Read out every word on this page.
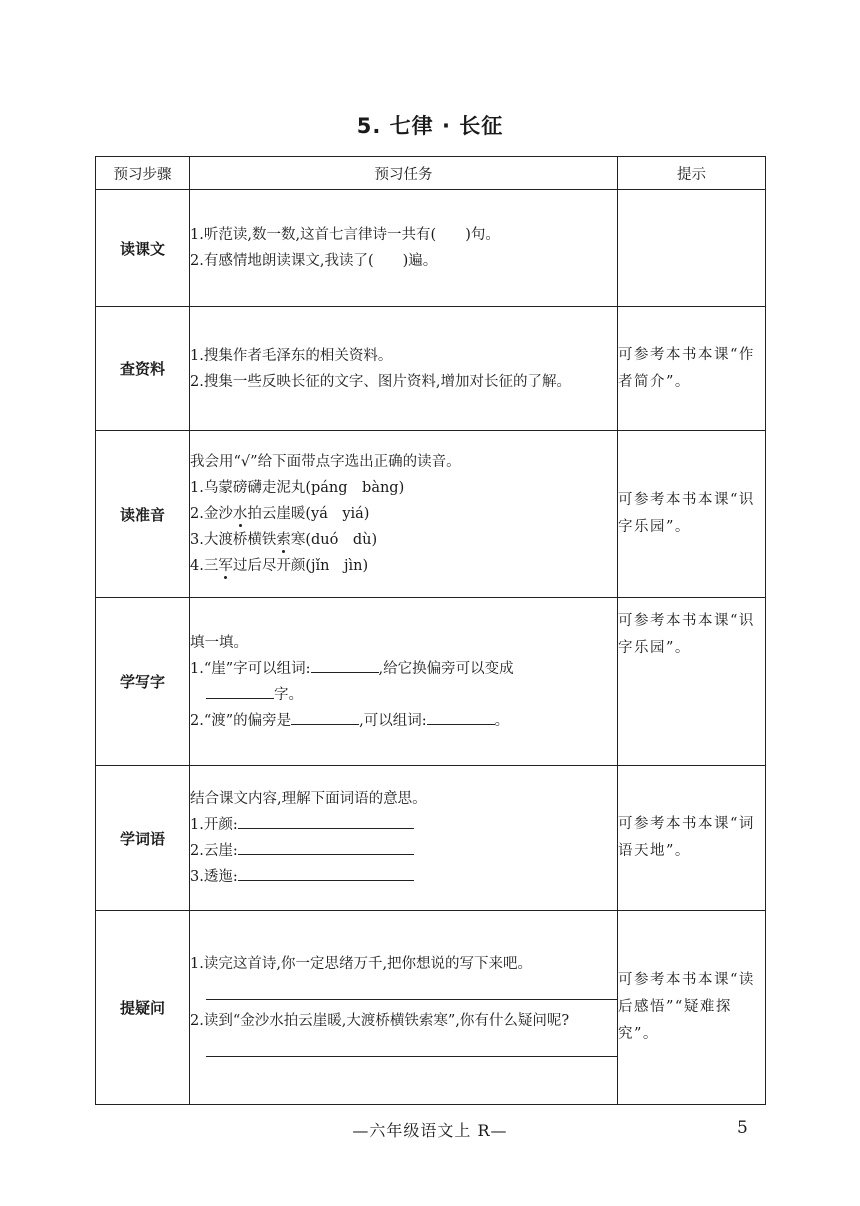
5. 七律 · 长征
预习步骤	预习任务	提示
读课文	1.听范读,数一数,这首七言律诗一共有(　　)句。
2.有感情地朗读课文,我读了(　　)遍。	

查资料	1.搜集作者毛泽东的相关资料。
2.搜集一些反映长征的文字、图片资料,增加对长征的了解。	可参考本书本课“作者简介”。
读准音	我会用“√”给下面带点字选出正确的读音。
1.乌蒙磅礴走泥丸(páng　bàng)
2.金沙水拍云崖暖(yá　yiá)
3.大渡桥横铁索寒(duó　dù)
4.三军过后尽开颜(jǐn　jìn)	可参考本书本课“识字乐园”。
学写字	填一填。
1.“崖”字可以组词: ,给它换偏旁可以变成
字。
2.“渡”的偏旁是 ,可以组词: 。	可参考本书本课“识字乐园”。
学词语	结合课文内容,理解下面词语的意思。
1.开颜:
2.云崖:
3.透迤:	可参考本书本课“词语天地”。
提疑问	1.读完这首诗,你一定思绪万千,把你想说的写下来吧。
2.读到“金沙水拍云崖暖,大渡桥横铁索寒”,你有什么疑问呢?	可参考本书本课“读后感悟”“疑难探究”。
—六年级语文上 R—	5
